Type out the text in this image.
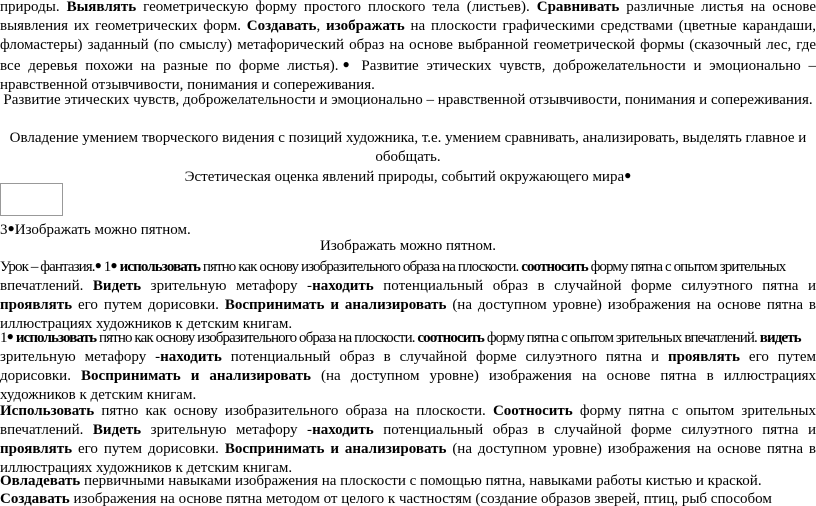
природы. Выявлять геометрическую форму простого плоского тела (листьев). Сравнивать различные листья на основе выявления их геометрических форм. Создавать, изображать на плоскости графическими средствами (цветные карандаши, фломастеры) заданный (по смыслу) метафорический образ на основе выбранной геометрической формы (сказочный лес, где все деревья похожи на разные по форме листья).● Развитие этических чувств, доброжелательности и эмоционально – нравственной отзывчивости, понимания и сопереживания.

Развитие этических чувств, доброжелательности и эмоционально – нравственной отзывчивости, понимания и сопереживания.

Овладение умением творческого видения с позиций художника, т.е. умением сравнивать, анализировать, выделять главное и обобщать.

Эстетическая оценка явлений природы, событий окружающего мира●

3●Изображать можно пятном.

Изображать можно пятном.

Урок – фантазия.● 1● использовать пятно как основу изобразительного образа на плоскости. соотносить форму пятна с опытом зрительных
впечатлений. Видеть зрительную метафору -находить потенциальный образ в случайной форме силуэтного пятна и проявлять его путем дорисовки. Воспринимать и анализировать (на доступном уровне) изображения на основе пятна в иллюстрациях художников к детским книгам.

1● использовать пятно как основу изобразительного образа на плоскости. соотносить форму пятна с опытом зрительных впечатлений. видеть
зрительную метафору -находить потенциальный образ в случайной форме силуэтного пятна и проявлять его путем дорисовки. Воспринимать и анализировать (на доступном уровне) изображения на основе пятна в иллюстрациях художников к детским книгам.

Использовать пятно как основу изобразительного образа на плоскости. Соотносить форму пятна с опытом зрительных впечатлений. Видеть зрительную метафору -находить потенциальный образ в случайной форме силуэтного пятна и проявлять его путем дорисовки. Воспринимать и анализировать (на доступном уровне) изображения на основе пятна в иллюстрациях художников к детским книгам.

Овладевать первичными навыками изображения на плоскости с помощью пятна, навыками работы кистью и краской.

Создавать изображения на основе пятна методом от целого к частностям (создание образов зверей, птиц, рыб способом
